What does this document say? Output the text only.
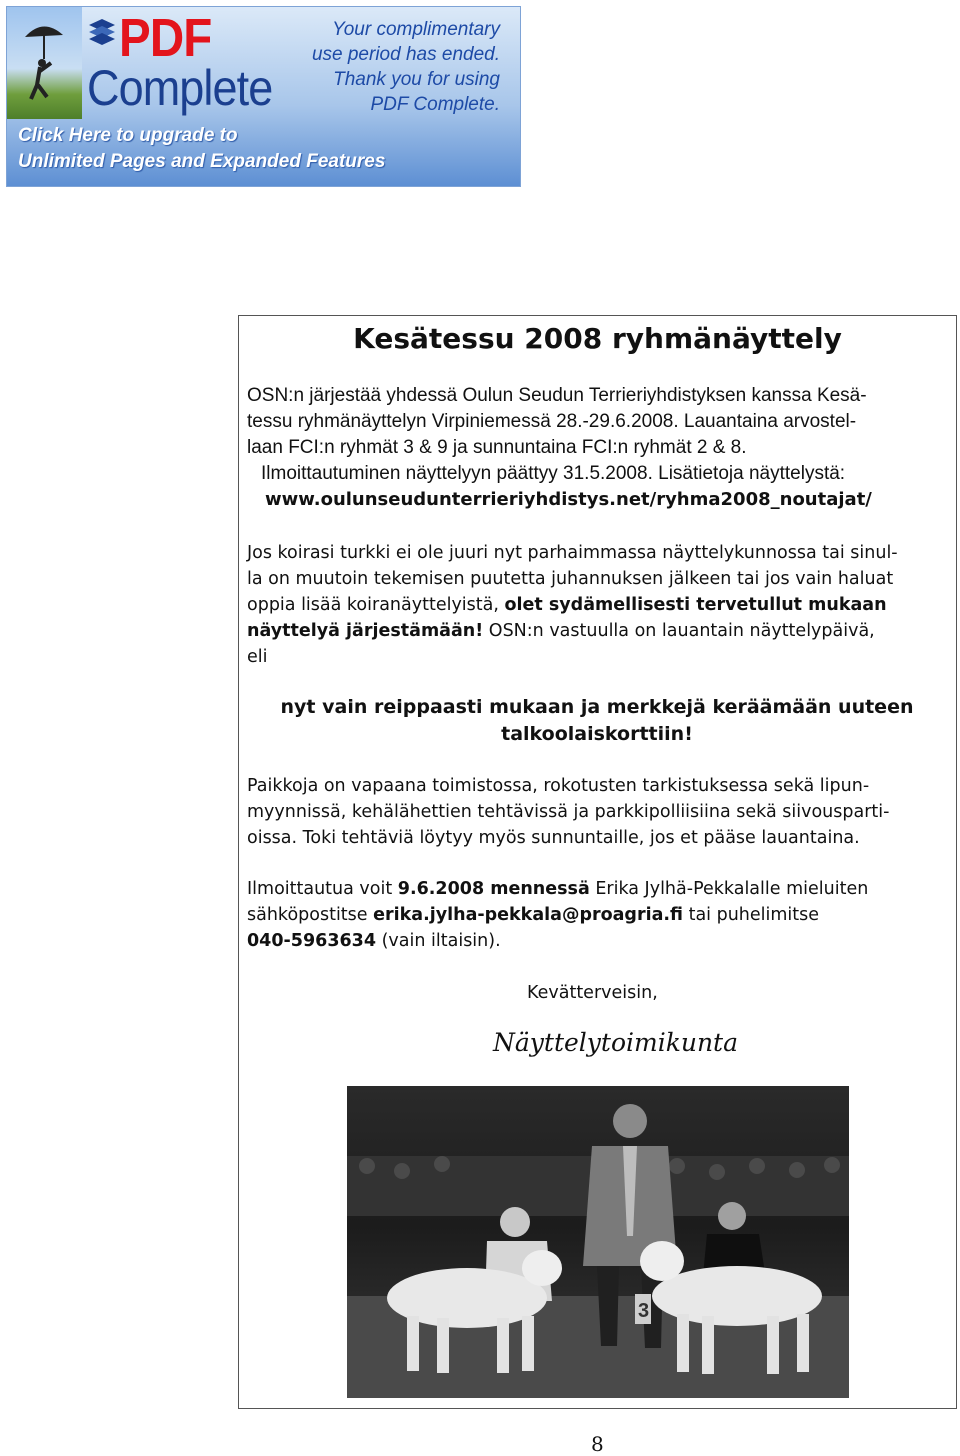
PDF
Complete
Your complimentary
use period has ended.
Thank you for using
PDF Complete.
Click Here to upgrade to
Unlimited Pages and Expanded Features
Kesätessu 2008 ryhmänäyttely
OSN:n järjestää yhdessä Oulun Seudun Terrieriyhdistyksen kanssa Kesä-
tessu ryhmänäyttelyn Virpiniemessä 28.-29.6.2008. Lauantaina arvostel-
laan FCI:n ryhmät 3 & 9 ja sunnuntaina FCI:n ryhmät 2 & 8.
Ilmoittautuminen näyttelyyn päättyy 31.5.2008. Lisätietoja näyttelystä:
www.oulunseudunterrieriyhdistys.net/ryhma2008_noutajat/
Jos koirasi turkki ei ole juuri nyt parhaimmassa näyttelykunnossa tai sinul-
la on muutoin tekemisen puutetta juhannuksen jälkeen tai jos vain haluat
oppia lisää koiranäyttelyistä, olet sydämellisesti tervetullut mukaan
näyttelyä järjestämään! OSN:n vastuulla on lauantain näyttelypäivä,
eli
nyt vain reippaasti mukaan ja merkkejä keräämään uuteen
talkoolaiskorttiin!
Paikkoja on vapaana toimistossa, rokotusten tarkistuksessa sekä lipun-
myynnissä, kehälähettien tehtävissä ja parkkipolliisiina sekä siivousparti-
oissa. Toki tehtäviä löytyy myös sunnuntaille, jos et pääse lauantaina.
Ilmoittautua voit 9.6.2008 mennessä Erika Jylhä-Pekkalalle mieluiten
sähköpostitse erika.jylha-pekkala@proagria.fi tai puhelimitse
040-5963634 (vain iltaisin).
Kevätterveisin,
Näyttelytoimikunta
3
8
